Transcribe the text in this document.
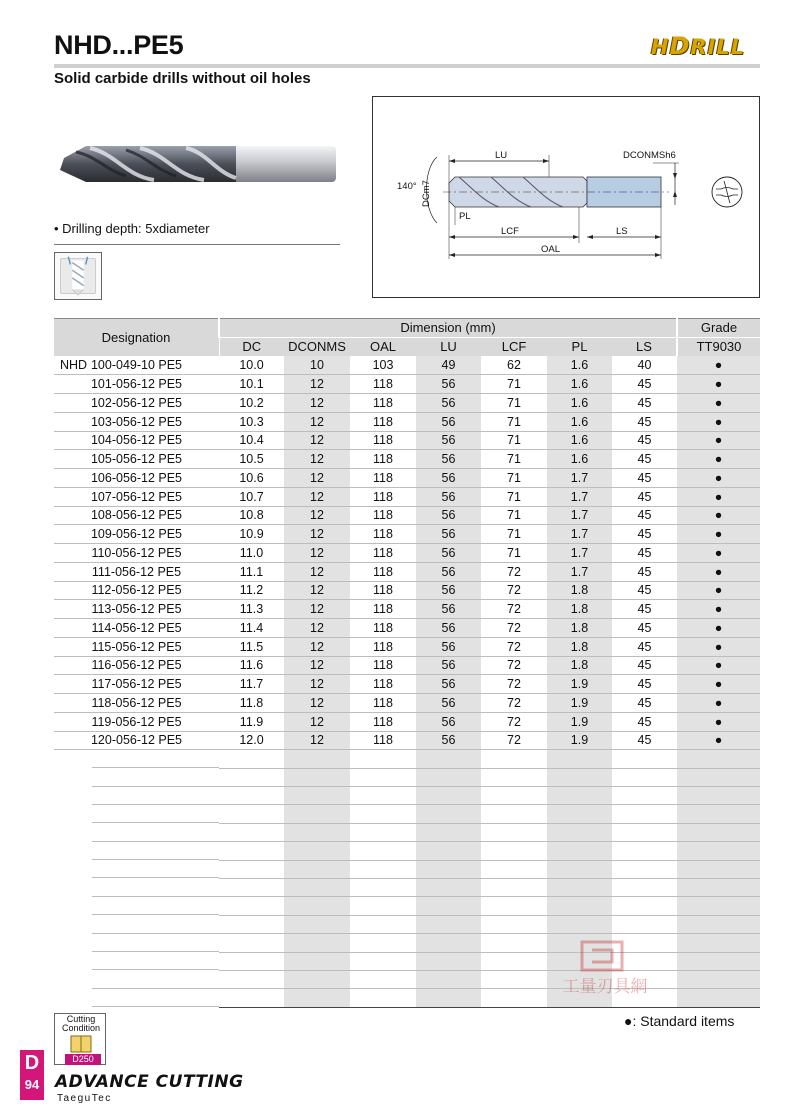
NHD...PE5
Solid carbide drills without oil holes
HDRILL
• Drilling depth: 5xdiameter
LU	DCONMSh6
140° DCm7
PL
LCF	LS
OAL
Designation	Dimension (mm)							Grade
	DC	DCONMS	OAL	LU	LCF	PL	LS	TT9030

NHD 100-049-10 PE5	10.0	10	103	49	62	1.6	40	●
101-056-12 PE5	10.1	12	118	56	71	1.6	45	●
102-056-12 PE5	10.2	12	118	56	71	1.6	45	●
103-056-12 PE5	10.3	12	118	56	71	1.6	45	●
104-056-12 PE5	10.4	12	118	56	71	1.6	45	●
105-056-12 PE5	10.5	12	118	56	71	1.6	45	●
106-056-12 PE5	10.6	12	118	56	71	1.7	45	●
107-056-12 PE5	10.7	12	118	56	71	1.7	45	●
108-056-12 PE5	10.8	12	118	56	71	1.7	45	●
109-056-12 PE5	10.9	12	118	56	71	1.7	45	●
110-056-12 PE5	11.0	12	118	56	71	1.7	45	●
111-056-12 PE5	11.1	12	118	56	72	1.7	45	●
112-056-12 PE5	11.2	12	118	56	72	1.8	45	●
113-056-12 PE5	11.3	12	118	56	72	1.8	45	●
114-056-12 PE5	11.4	12	118	56	72	1.8	45	●
115-056-12 PE5	11.5	12	118	56	72	1.8	45	●
116-056-12 PE5	11.6	12	118	56	72	1.8	45	●
117-056-12 PE5	11.7	12	118	56	72	1.9	45	●
118-056-12 PE5	11.8	12	118	56	72	1.9	45	●
119-056-12 PE5	11.9	12	118	56	72	1.9	45	●
120-056-12 PE5	12.0	12	118	56	72	1.9	45	●

工量刃具網
●: Standard items
Cutting Condition
D250
D
94 ADVANCE CUTTING
TaeguTec
